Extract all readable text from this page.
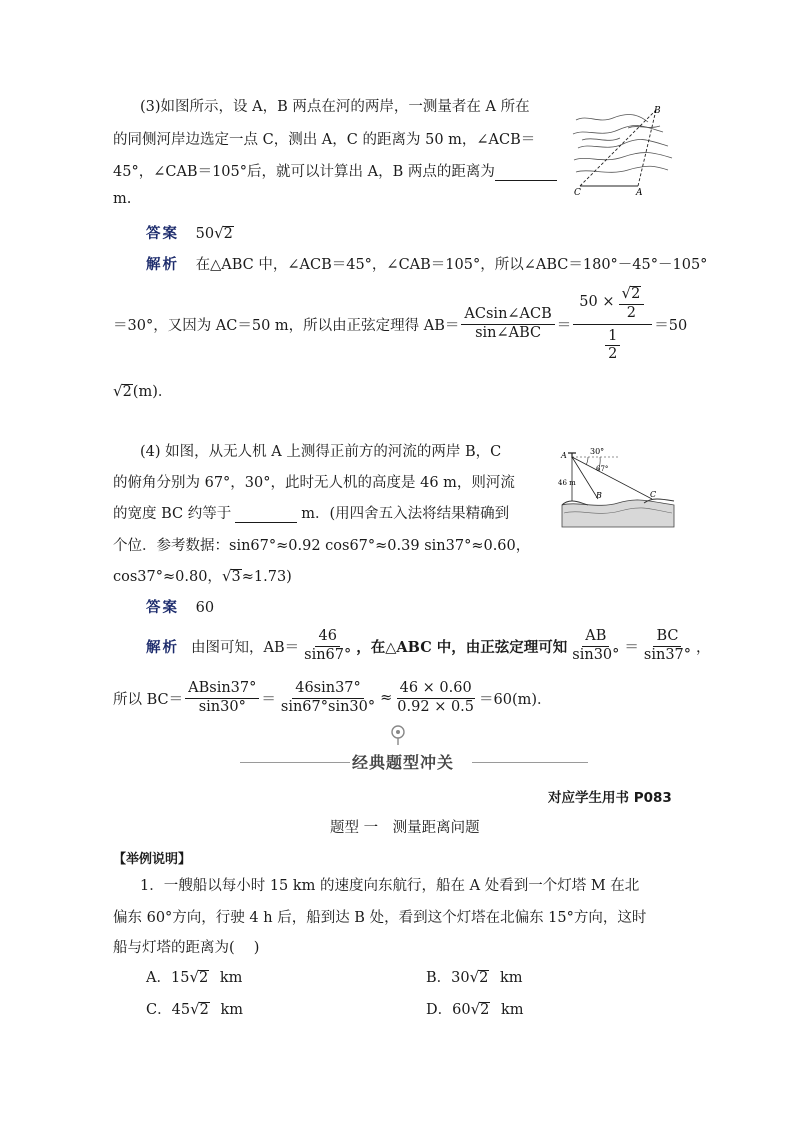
(3)如图所示，设 A，B 两点在河的两岸，一测量者在 A 所在
的同侧河岸边选定一点 C，测出 A，C 的距离为 50 m，∠ACB＝
45°，∠CAB＝105°后，就可以计算出 A，B 两点的距离为
m.
B
C	A
答案 50√2
解析 在△ABC 中，∠ACB＝45°，∠CAB＝105°，所以∠ABC＝180°－45°－105°
＝30°，又因为 AC＝50 m，所以由正弦定理得 $AB= \frac{\text{ACsin∠ACB}}{\text{sin∠ABC}} = \frac{50 \times \frac{√2}{2}}{\frac{1}{2}} =50$
√2(m)．
(4) 如图，从无人机 A 上测得正前方的河流的两岸 B，C
的俯角分别为 67°，30°，此时无人机的高度是 46 m，则河流
的宽度 BC 约等于	m．(用四舍五入法将结果精确到
个位．参考数据：sin67°≈0.92 cos67°≈0.39 sin37°≈0.60，
cos37°≈0.80，√3≈1.73)
A	30°
67°
46 m
B	C
答案 60
解析 由图可知，$AB= \frac{46}{\sin 67^\circ}$ ，在△ABC 中，由正弦定理可知 $\frac{AB}{\sin 30^\circ} = \frac{BC}{\sin 37^\circ}$ ，
所以 $BC= \frac{ABsin37^\circ}{\sin 30^\circ} = \frac{46\sin 37^\circ}{\sin 67^\circ\sin 30^\circ} \approx \frac{46 \times 0.60}{0.92 \times 0.5} =60(m)$．
经典题型冲关
对应学生用书 P083
题型 一　测量距离问题
【举例说明】
1．一艘船以每小时 15 km 的速度向东航行，船在 A 处看到一个灯塔 M 在北
偏东 60°方向，行驶 4 h 后，船到达 B 处，看到这个灯塔在北偏东 15°方向，这时
船与灯塔的距离为(　 )
A．15√2 km	B．30√2 km
C．45√2 km	D．60√2 km
